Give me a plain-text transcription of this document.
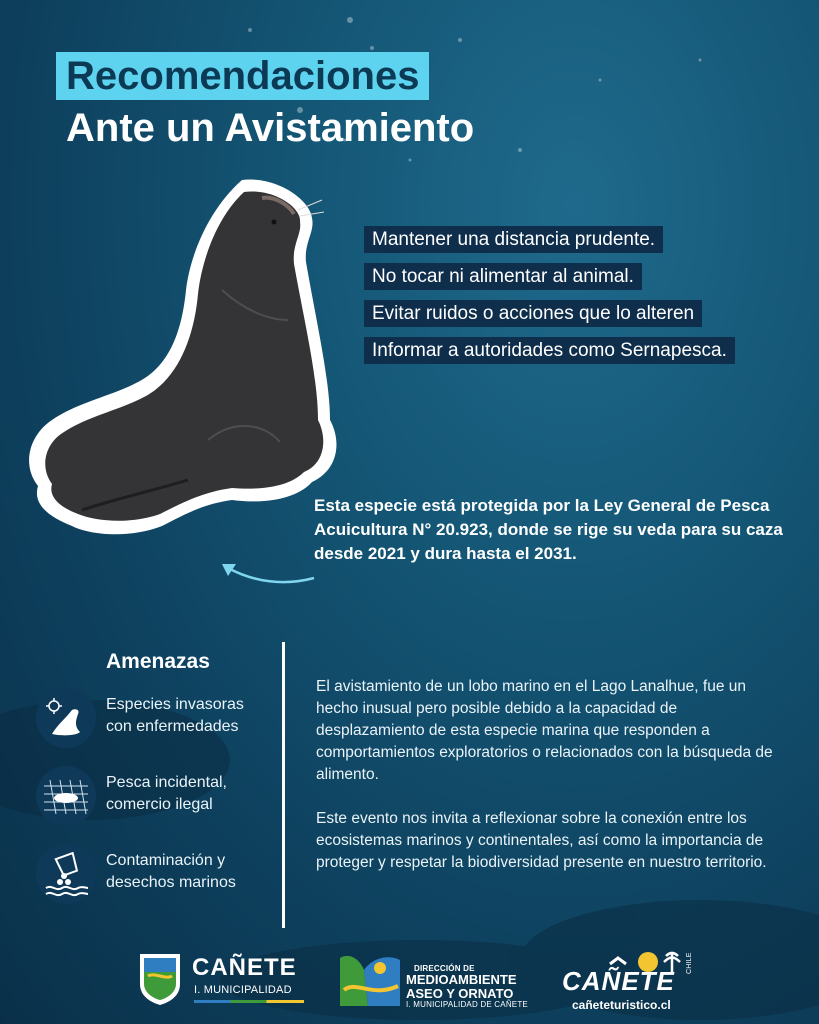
Recomendaciones
Ante un Avistamiento
Mantener una distancia prudente.
No tocar ni alimentar al animal.
Evitar ruidos o acciones que lo alteren
Informar a autoridades como Sernapesca.
Esta especie está protegida por la Ley General de Pesca Acuicultura N° 20.923, donde se rige su veda para su caza desde 2021 y dura hasta el 2031.
Amenazas
Especies invasoras
con enfermedades
Pesca incidental,
comercio ilegal
Contaminación y
desechos marinos

El avistamiento de un lobo marino en el Lago Lanalhue, fue un hecho inusual pero posible debido a la capacidad de desplazamiento de esta especie marina que responden a comportamientos exploratorios o relacionados con la búsqueda de alimento.

Este evento nos invita a reflexionar sobre la conexión entre los ecosistemas marinos y continentales, así como la importancia de proteger y respetar la biodiversidad presente en nuestro territorio.

CAÑETE
I. MUNICIPALIDAD
DIRECCIÓN DE
MEDIOAMBIENTE
ASEO Y ORNATO
I. MUNICIPALIDAD DE CAÑETE
CAÑETE
CHILE
cañeteturistico.cl
